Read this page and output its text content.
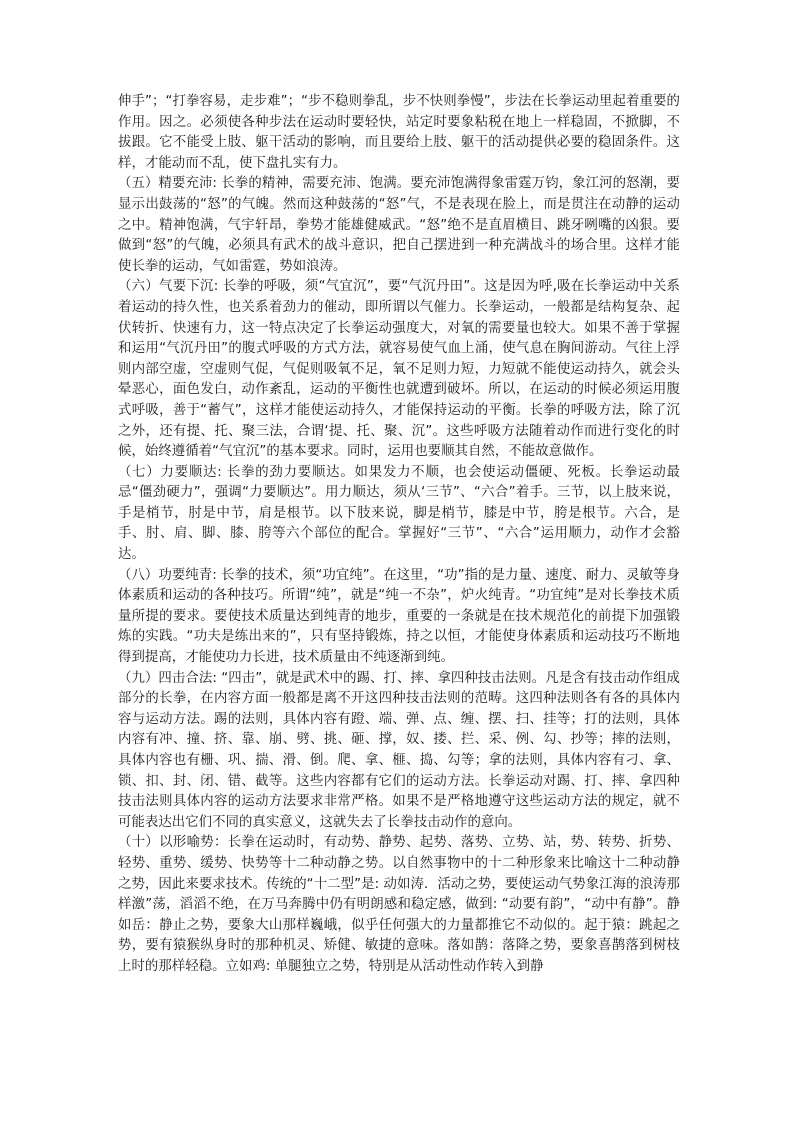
伸手”；“打拳容易，走步难”；“步不稳则拳乱，步不快则拳慢”，步法在长拳运动里起着重要的作用。因之。必须使各种步法在运动时要轻快，站定时要象粘税在地上一样稳固，不掀脚，不拔跟。它不能受上肢、躯干活动的影响，而且要给上肢、躯干的活动提供必要的稳固条件。这样，才能动而不乱，使下盘扎实有力。

（五）精要充沛: 长拳的精神，需要充沛、饱满。要充沛饱满得象雷霆万钧，象江河的怒潮，要显示出鼓荡的“怒”的气魄。然而这种鼓荡的“怒”气，不是表现在脸上，而是贯注在动静的运动之中。精神饱满，气宇轩昂，拳势才能雄健威武。“怒”绝不是直眉横目、跳牙咧嘴的凶狠。要做到“怒”的气魄，必须具有武术的战斗意识，把自己摆进到一种充满战斗的场合里。这样才能使长拳的运动，气如雷霆，势如浪涛。

（六）气要下沉: 长拳的呼吸，须“气宜沉”，要“气沉丹田”。这是因为呼,吸在长拳运动中关系着运动的持久性，也关系着劲力的催动，即所谓以气催力。长拳运动，一般都是结构复杂、起伏转折、快速有力，这一特点决定了长拳运动强度大，对氧的需要量也较大。如果不善于掌握和运用“气沉丹田”的腹式呼吸的方式方法，就容易使气血上涌，使气息在胸间游动。气往上浮则内部空虚，空虚则气促，气促则吸氧不足，氧不足则力短，力短就不能使运动持久，就会头晕恶心，面色发白，动作紊乱，运动的平衡性也就遭到破坏。所以，在运动的时候必须运用腹式呼吸，善于“蓄气”，这样才能使运动持久，才能保持运动的平衡。长拳的呼吸方法，除了沉之外，还有提、托、聚三法，合谓‘提、托、聚、沉”。这些呼吸方法随着动作而进行变化的时候，始终遵循着“气宜沉”的基本要求。同时，运用也要顺其自然，不能故意做作。

（七）力要顺达: 长拳的劲力要顺达。如果发力不顺，也会使运动僵硬、死板。长拳运动最忌“僵劲硬力”，强调“力要顺达”。用力顺达，须从‘三节”、“六合”着手。三节，以上肢来说，手是梢节，肘是中节，肩是根节。以下肢来说，脚是梢节，膝是中节，胯是根节。六合，是手、肘、肩、脚、膝、胯等六个部位的配合。掌握好“三节”、“六合”运用顺力，动作才会豁达。

（八）功要纯青: 长拳的技术，须“功宜纯”。在这里，“功”指的是力量、速度、耐力、灵敏等身体素质和运动的各种技巧。所谓“纯”，就是“纯一不杂”，炉火纯青。“功宜纯”是对长拳技术质量所提的要求。要使技术质量达到纯青的地步，重要的一条就是在技术规范化的前提下加强锻炼的实践。“功夫是练出来的”，只有坚持锻炼，持之以恒，才能使身体素质和运动技巧不断地得到提高，才能使功力长进，技术质量由不纯逐渐到纯。

（九）四击合法: “四击”，就是武术中的踢、打、摔、拿四种技击法则。凡是含有技击动作组成部分的长拳，在内容方面一般都是离不开这四种技击法则的范畴。这四种法则各有各的具体内容与运动方法。踢的法则，具体内容有蹬、端、弹、点、缠、摆、扫、挂等；打的法则，具体内容有冲、撞、挤、靠、崩、劈、挑、砸、撑，奴、搂、拦、采、例、勾、抄等；摔的法则，具体内容也有栅、巩、揣、滑、倒。爬、拿、榧、捣、勾等；拿的法则，具体内容有刁、拿、锁、扣、封、闭、错、截等。这些内容都有它们的运动方法。长拳运动对踢、打、摔、拿四种技击法则具体内容的运动方法要求非常严格。如果不是严格地遵守这些运动方法的规定，就不可能表达出它们不同的真实意义，这就失去了长拳技击动作的意向。

（十）以形喻势：长拳在运动时，有动势、静势、起势、落势、立势、站，势、转势、折势、轻势、重势、缓势、快势等十二种动静之势。以自然事物中的十二种形象来比喻这十二种动静之势，因此来要求技术。传统的“十二型”是: 动如涛．活动之势，要使运动气势象江海的浪涛那样激”荡，滔滔不绝，在万马奔腾中仍有明朗感和稳定感，做到: “动要有韵”，“动中有静”。静如岳：静止之势，要象大山那样巍峨，似乎任何强大的力量都推它不动似的。起于猿：跳起之势，要有猿猴纵身时的那种机灵、矫健、敏捷的意味。落如鹊：落降之势，要象喜鹊落到树枝上时的那样轻稳。立如鸡: 单腿独立之势，特别是从活动性动作转入到静
